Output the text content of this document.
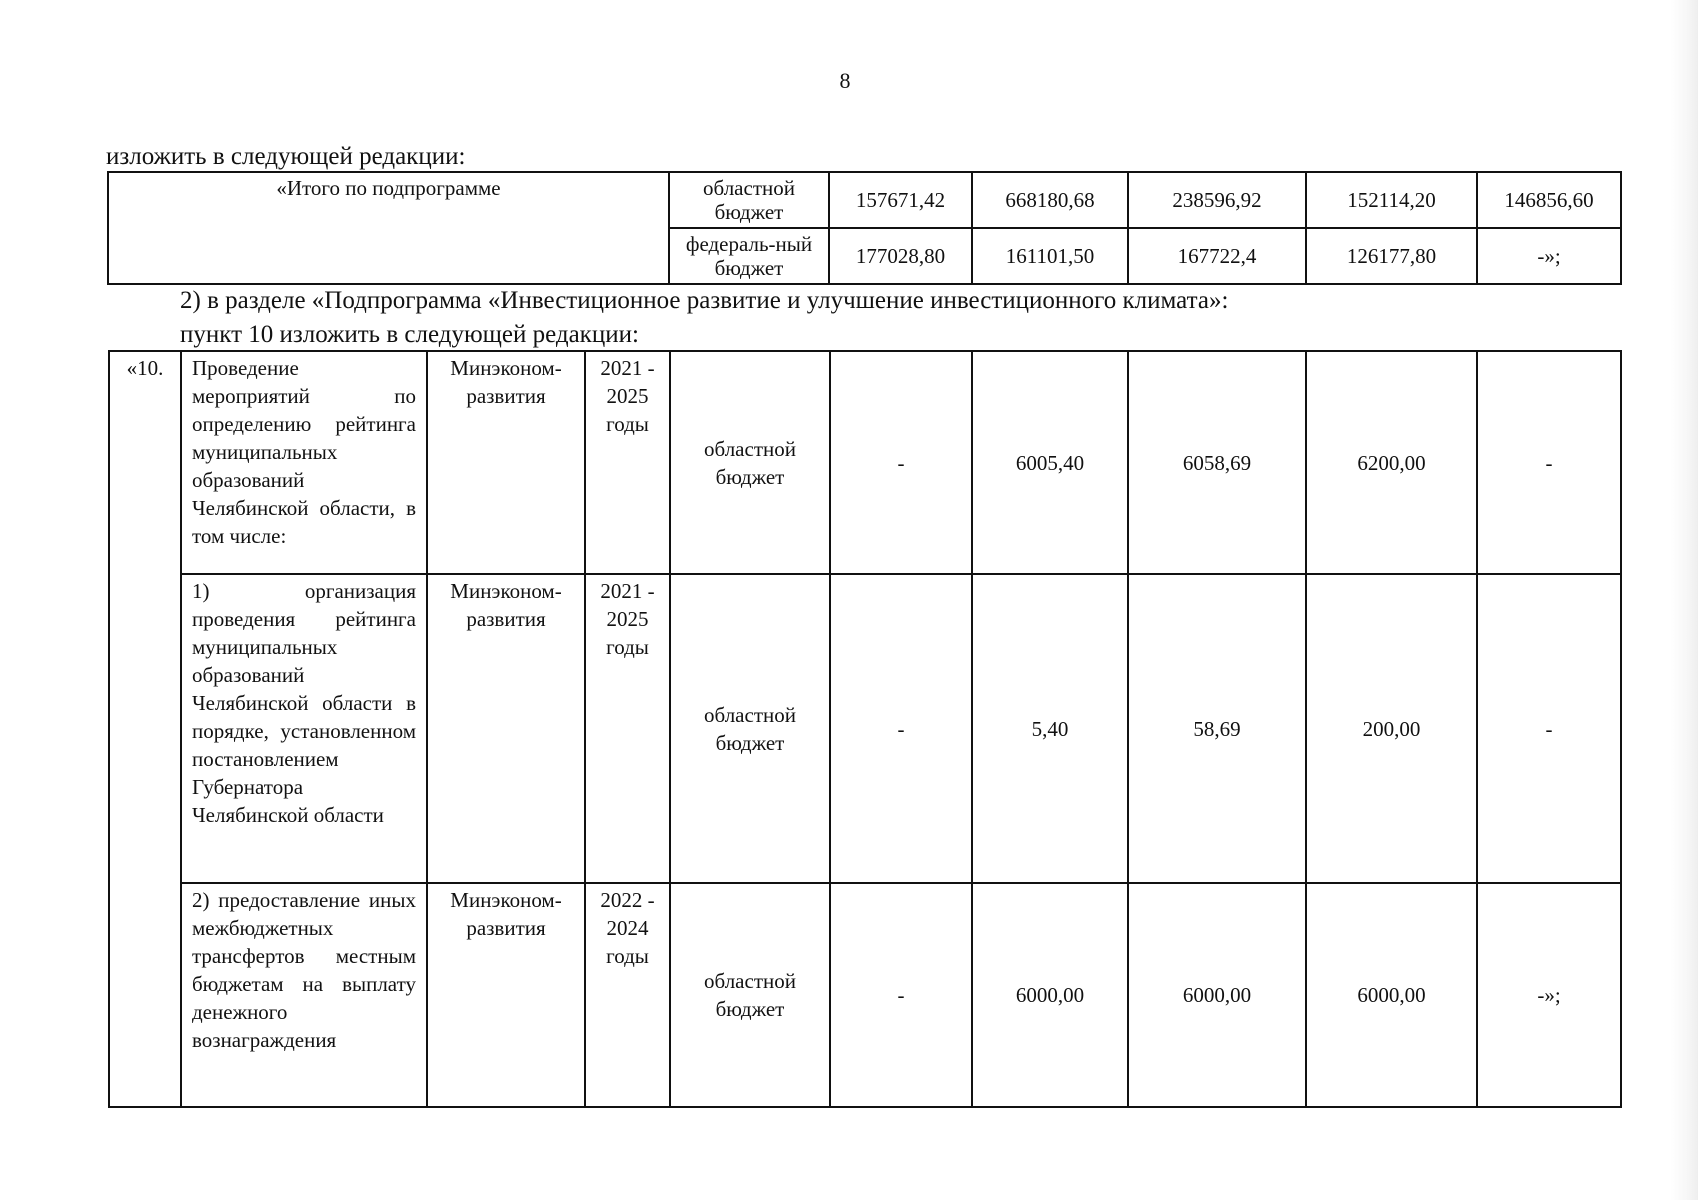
8
изложить в следующей редакции:
«Итого по подпрограмме	областной бюджет	157671,42	668180,68	238596,92	152114,20	146856,60
	федераль-ный бюджет	177028,80	161101,50	167722,4	126177,80	-»;
2) в разделе «Подпрограмма «Инвестиционное развитие и улучшение инвестиционного климата»:
пункт 10 изложить в следующей редакции:
«10.	Проведение мероприятий по определению рейтинга муниципальных образований Челябинской области, в том числе:	Минэконом-развития	2021 - 2025 годы	областной бюджет	-	6005,40	6058,69	6200,00	-
	1) организация проведения рейтинга муниципальных образований Челябинской области в порядке, установленном постановлением Губернатора Челябинской области	Минэконом-развития	2021 - 2025 годы	областной бюджет	-	5,40	58,69	200,00	-
	2) предоставление иных межбюджетных трансфертов местным бюджетам на выплату денежного вознаграждения	Минэконом-развития	2022 - 2024 годы	областной бюджет	-	6000,00	6000,00	6000,00	-»;
